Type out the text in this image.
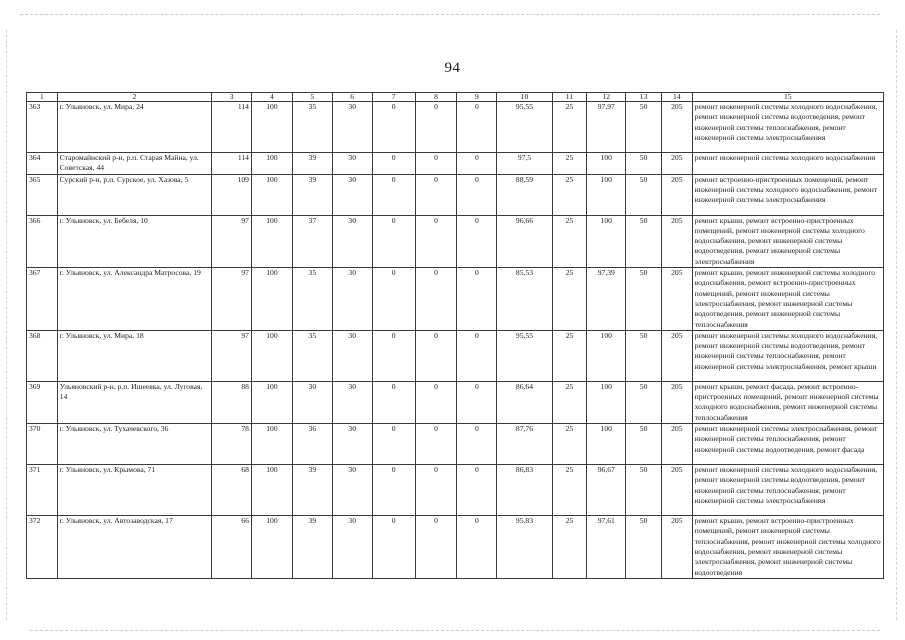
94
1	2	3	4	5	6	7	8	9	10	11	12	13	14	15
363	г. Ульяновск, ул. Мира, 24	114	100	35	30	0	0	0	95,55	25	97,97	50	205	ремонт инженерной системы холодного водоснабжения, ремонт инженерной системы водоотведения, ремонт инженерной системы теплоснабжения, ремонт инженерной системы электроснабжения
364	Старомайнский р-н, р.п. Старая Майна, ул. Советская, 44	114	100	39	30	0	0	0	97,5	25	100	50	205	ремонт инженерной системы холодного водоснабжения
365	Сурский р-н, р.п. Сурское, ул. Хазова, 5	109	100	39	30	0	0	0	88,59	25	100	50	205	ремонт встроенно-пристроенных помещений, ремонт инженерной системы холодного водоснабжения, ремонт инженерной системы электроснабжения
366	г. Ульяновск, ул. Бебеля, 10	97	100	37	30	0	0	0	96,66	25	100	50	205	ремонт крыши, ремонт встроенно-пристроенных помещений, ремонт инженерной системы холодного водоснабжения, ремонт инженерной системы водоотведения, ремонт инженерной системы электроснабжения
367	г. Ульяновск, ул. Александра Матросова, 19	97	100	35	30	0	0	0	85,53	25	97,39	50	205	ремонт крыши, ремонт инженерной системы холодного водоснабжения, ремонт встроенно-пристроенных помещений, ремонт инженерной системы электроснабжения, ремонт инженерной системы водоотведения, ремонт инженерной системы теплоснабжения
368	г. Ульяновск, ул. Мира, 18	97	100	35	30	0	0	0	95,55	25	100	50	205	ремонт инженерной системы холодного водоснабжения, ремонт инженерной системы водоотведения, ремонт инженерной системы теплоснабжения, ремонт инженерной системы электроснабжения, ремонт крыши
369	Ульяновский р-н, р.п. Ишеевка, ул. Луговая, 14	88	100	30	30	0	0	0	86,64	25	100	50	205	ремонт крыши, ремонт фасада, ремонт встроенно-пристроенных помещений, ремонт инженерной системы холодного водоснабжения, ремонт инженерной системы теплоснабжения
370	г. Ульяновск, ул. Тухачевского, 36	78	100	36	30	0	0	0	87,76	25	100	50	205	ремонт инженерной системы электроснабжения, ремонт инженерной системы теплоснабжения, ремонт инженерной системы водоотведения, ремонт фасада
371	г. Ульяновск, ул. Крымова, 71	68	100	39	30	0	0	0	86,83	25	96,67	50	205	ремонт инженерной системы холодного водоснабжения, ремонт инженерной системы водоотведения, ремонт инженерной системы теплоснабжения, ремонт инженерной системы электроснабжения
372	г. Ульяновск, ул. Автозаводская, 17	66	100	39	30	0	0	0	95,83	25	97,61	50	205	ремонт крыши, ремонт встроенно-пристроенных помещений, ремонт инженерной системы теплоснабжения, ремонт инженерной системы холодного водоснабжения, ремонт инженерной системы электроснабжения, ремонт инженерной системы водоотведения
